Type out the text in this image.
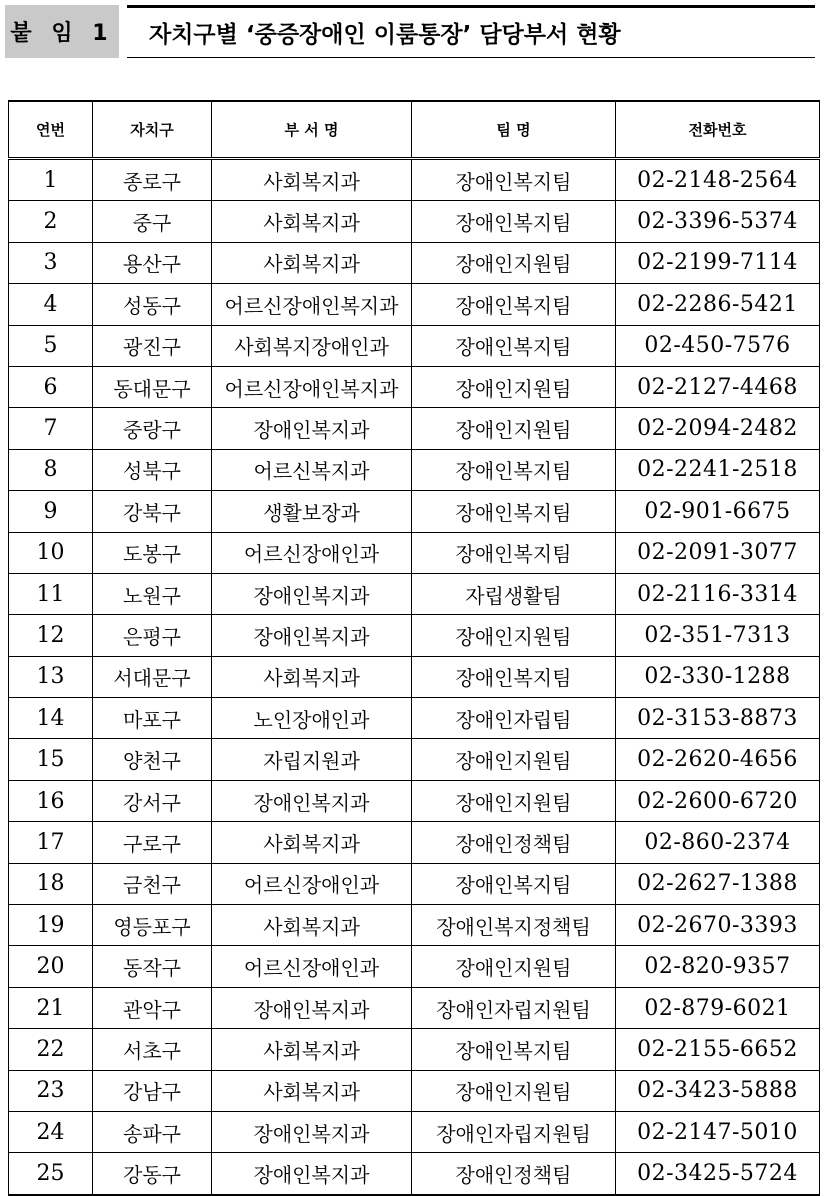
붙 임 1 자치구별 ‘중증장애인 이룸통장’ 담당부서 현황
연번	자치구	부 서 명	팀 명	전화번호
1	종로구	사회복지과	장애인복지팀	02-2148-2564
2	중구	사회복지과	장애인복지팀	02-3396-5374
3	용산구	사회복지과	장애인지원팀	02-2199-7114
4	성동구	어르신장애인복지과	장애인복지팀	02-2286-5421
5	광진구	사회복지장애인과	장애인복지팀	02-450-7576
6	동대문구	어르신장애인복지과	장애인지원팀	02-2127-4468
7	중랑구	장애인복지과	장애인지원팀	02-2094-2482
8	성북구	어르신복지과	장애인복지팀	02-2241-2518
9	강북구	생활보장과	장애인복지팀	02-901-6675
10	도봉구	어르신장애인과	장애인복지팀	02-2091-3077
11	노원구	장애인복지과	자립생활팀	02-2116-3314
12	은평구	장애인복지과	장애인지원팀	02-351-7313
13	서대문구	사회복지과	장애인복지팀	02-330-1288
14	마포구	노인장애인과	장애인자립팀	02-3153-8873
15	양천구	자립지원과	장애인지원팀	02-2620-4656
16	강서구	장애인복지과	장애인지원팀	02-2600-6720
17	구로구	사회복지과	장애인정책팀	02-860-2374
18	금천구	어르신장애인과	장애인복지팀	02-2627-1388
19	영등포구	사회복지과	장애인복지정책팀	02-2670-3393
20	동작구	어르신장애인과	장애인지원팀	02-820-9357
21	관악구	장애인복지과	장애인자립지원팀	02-879-6021
22	서초구	사회복지과	장애인복지팀	02-2155-6652
23	강남구	사회복지과	장애인지원팀	02-3423-5888
24	송파구	장애인복지과	장애인자립지원팀	02-2147-5010
25	강동구	장애인복지과	장애인정책팀	02-3425-5724
